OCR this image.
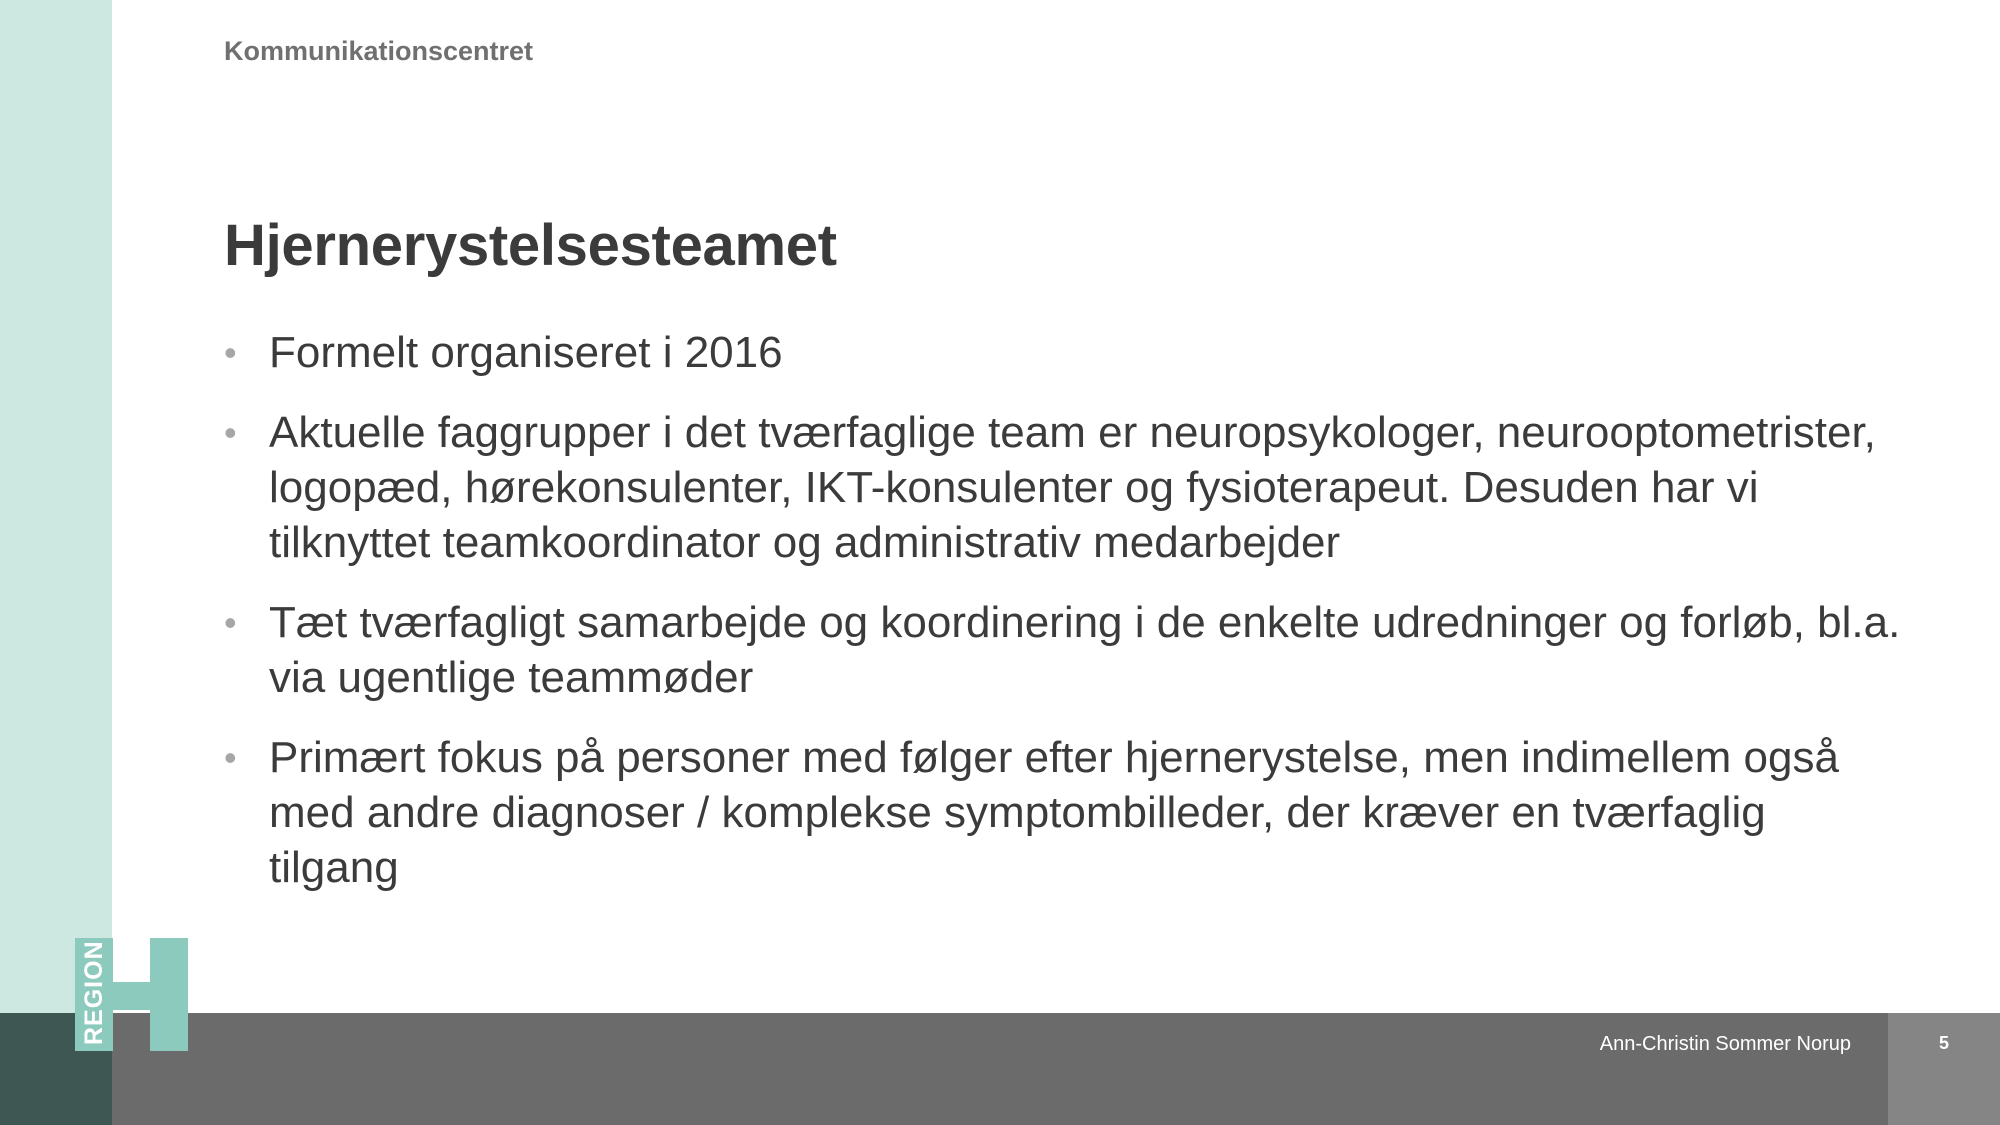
Kommunikationscentret
Hjernerystelsesteamet
• Formelt organiseret i 2016
• Aktuelle faggrupper i det tværfaglige team er neuropsykologer, neurooptometrister, logopæd, hørekonsulenter, IKT-konsulenter og fysioterapeut. Desuden har vi tilknyttet teamkoordinator og administrativ medarbejder
• Tæt tværfagligt samarbejde og koordinering i de enkelte udredninger og forløb, bl.a. via ugentlige teammøder
• Primært fokus på personer med følger efter hjernerystelse, men indimellem også med andre diagnoser / komplekse symptombilleder, der kræver en tværfaglig tilgang
REGION	Ann-Christin Sommer Norup	5
